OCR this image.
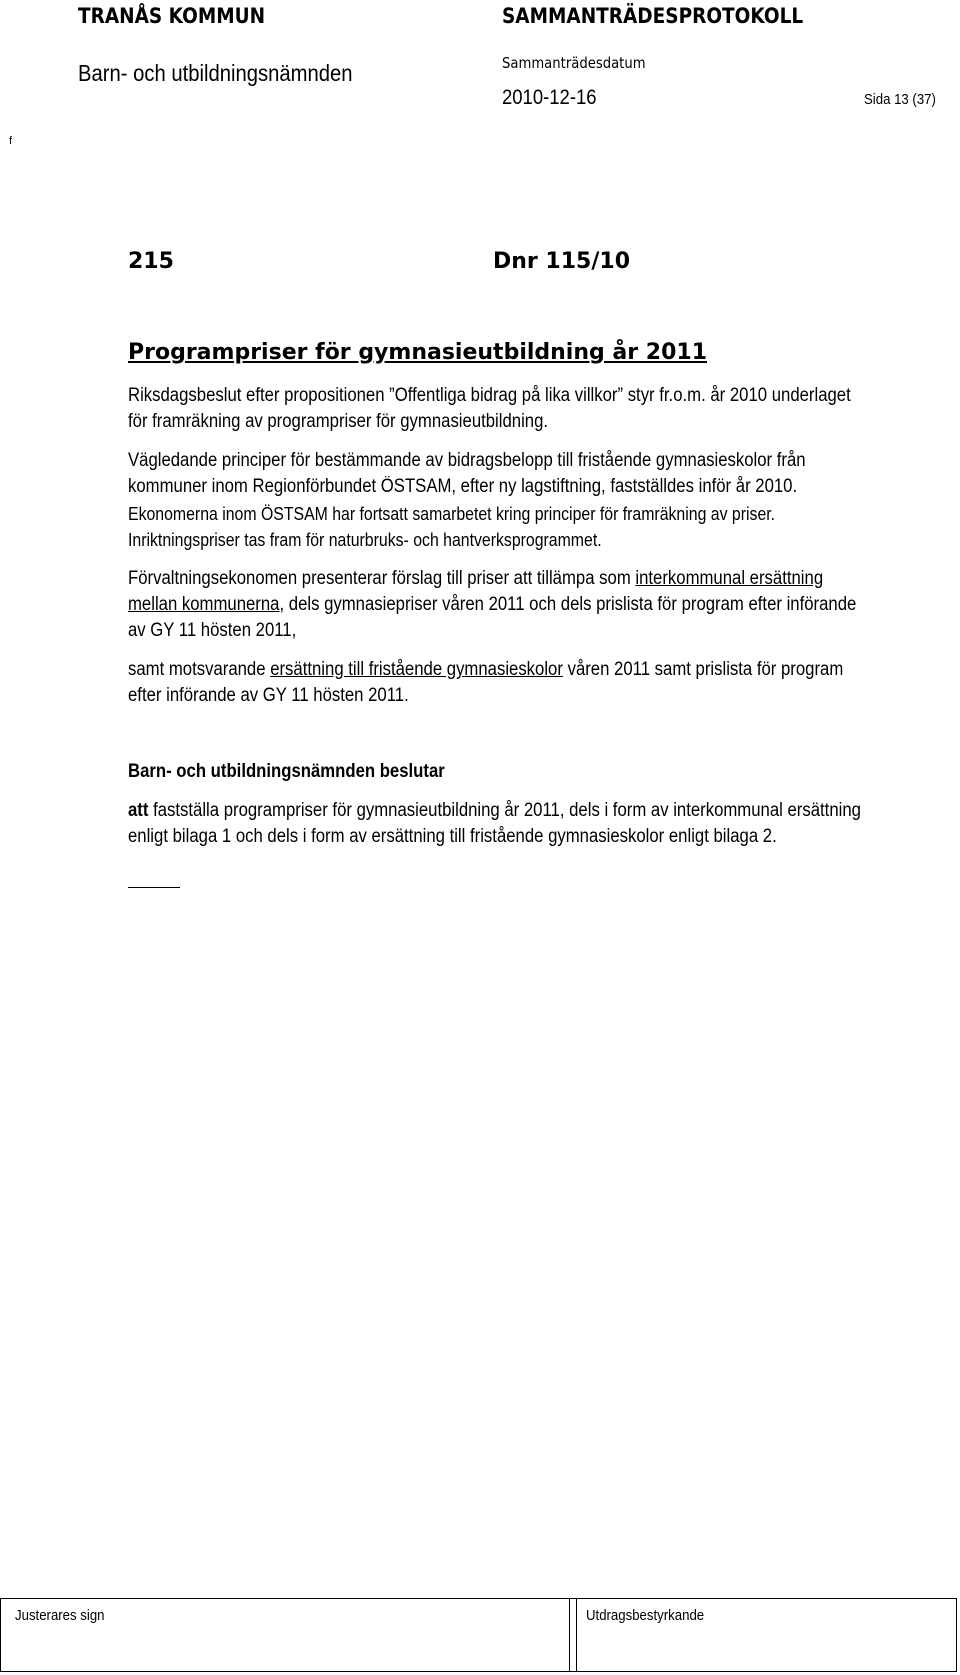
TRANÅS KOMMUN
Barn- och utbildningsnämnden
SAMMANTRÄDESPROTOKOLL
Sammanträdesdatum
2010-12-16	Sida 13 (37)
f
215	Dnr 115/10
Programpriser för gymnasieutbildning år 2011
Riksdagsbeslut efter propositionen ”Offentliga bidrag på lika villkor” styr fr.o.m. år 2010 underlaget
för framräkning av programpriser för gymnasieutbildning.
Vägledande principer för bestämmande av bidragsbelopp till fristående gymnasieskolor från
kommuner inom Regionförbundet ÖSTSAM, efter ny lagstiftning, fastställdes inför år 2010.
Ekonomerna inom ÖSTSAM har fortsatt samarbetet kring principer för framräkning av priser.
Inriktningspriser tas fram för naturbruks- och hantverksprogrammet.
Förvaltningsekonomen presenterar förslag till priser att tillämpa som interkommunal ersättning
mellan kommunerna, dels gymnasiepriser våren 2011 och dels prislista för program efter införande
av GY 11 hösten 2011,
samt motsvarande ersättning till fristående gymnasieskolor våren 2011 samt prislista för program
efter införande av GY 11 hösten 2011.
Barn- och utbildningsnämnden beslutar
att fastställa programpriser för gymnasieutbildning år 2011, dels i form av interkommunal ersättning
enligt bilaga 1 och dels i form av ersättning till fristående gymnasieskolor enligt bilaga 2.
Justerares sign	Utdragsbestyrkande
